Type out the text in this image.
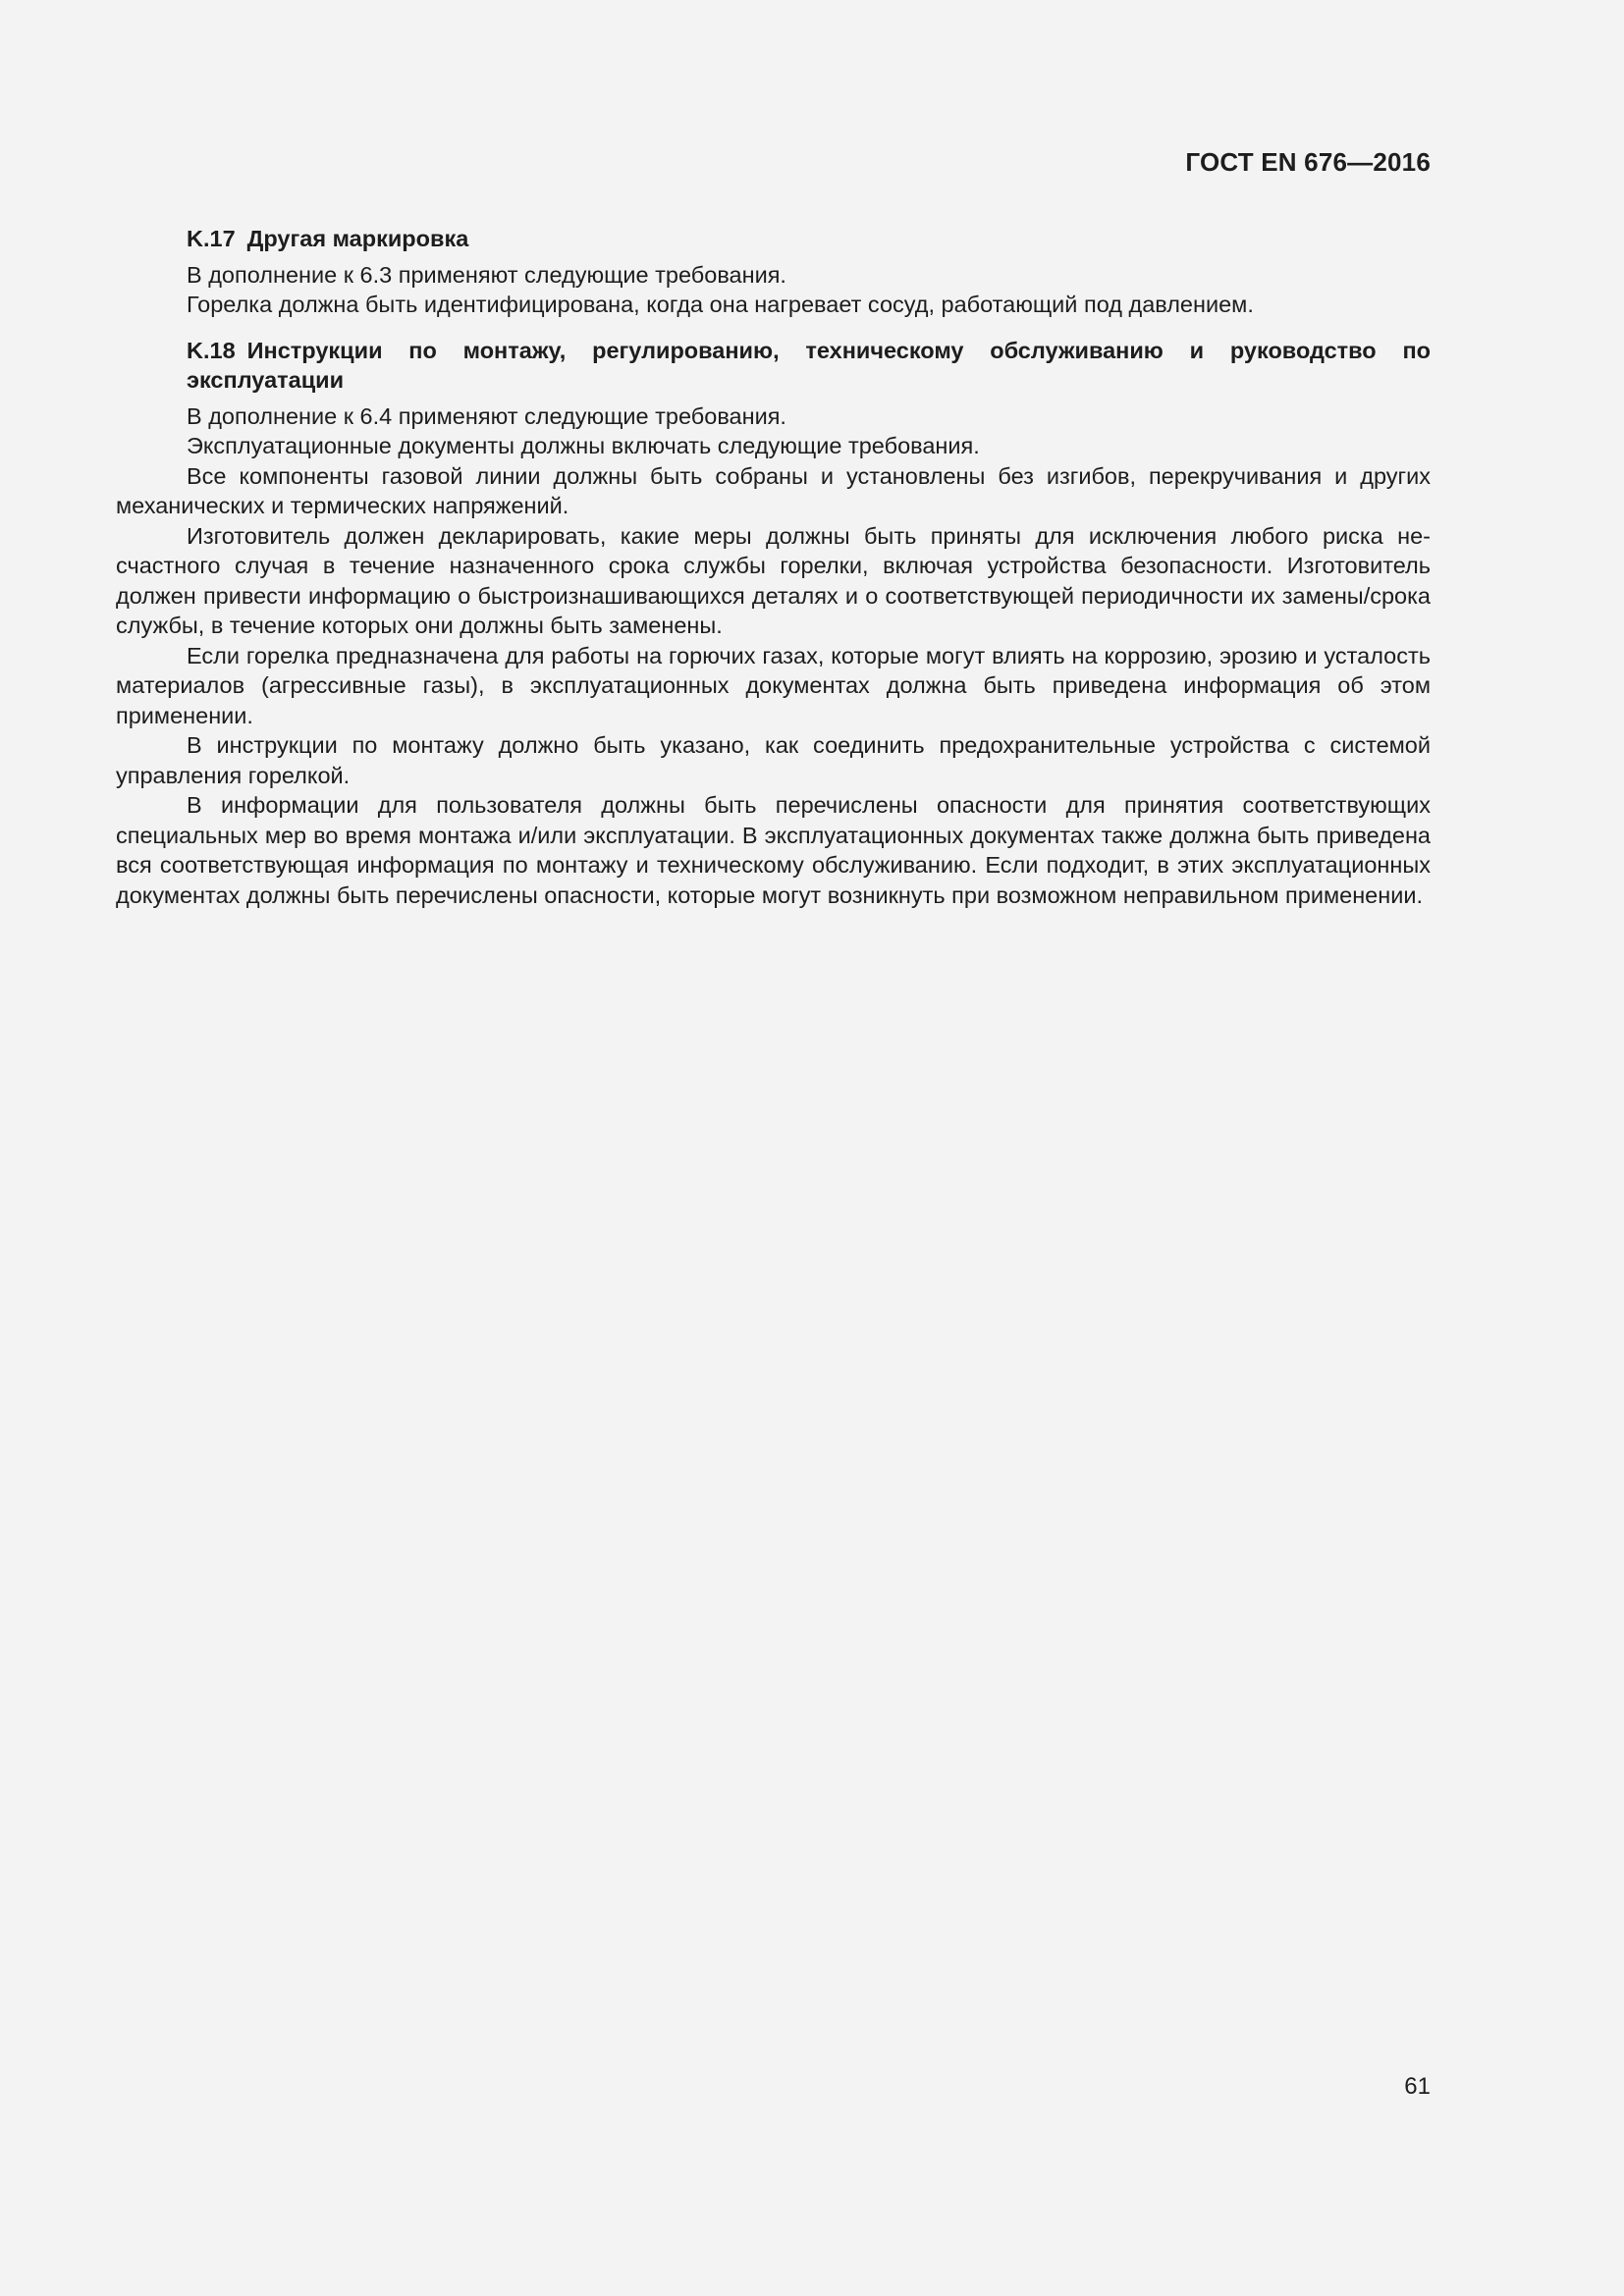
ГОСТ EN 676—2016
K.17 Другая маркировка
В дополнение к 6.3 применяют следующие требования.
Горелка должна быть идентифицирована, когда она нагревает сосуд, работающий под давлением.
K.18 Инструкции по монтажу, регулированию, техническому обслуживанию и руководство по эксплуатации
В дополнение к 6.4 применяют следующие требования.
Эксплуатационные документы должны включать следующие требования.

Все компоненты газовой линии должны быть собраны и установлены без изгибов, перекручивания и других механических и термических напряжений.

Изготовитель должен декларировать, какие меры должны быть приняты для исключения любого риска несчастного случая в течение назначенного срока службы горелки, включая устройства безопасности. Изготовитель должен привести информацию о быстроизнашивающихся деталях и о соответствующей периодичности их замены/срока службы, в течение которых они должны быть заменены.

Если горелка предназначена для работы на горючих газах, которые могут влиять на коррозию, эрозию и усталость материалов (агрессивные газы), в эксплуатационных документах должна быть приведена информация об этом применении.

В инструкции по монтажу должно быть указано, как соединить предохранительные устройства с системой управления горелкой.

В информации для пользователя должны быть перечислены опасности для принятия соответствующих специальных мер во время монтажа и/или эксплуатации. В эксплуатационных документах также должна быть приведена вся соответствующая информация по монтажу и техническому обслуживанию. Если подходит, в этих эксплуатационных документах должны быть перечислены опасности, которые могут возникнуть при возможном неправильном применении.

61
